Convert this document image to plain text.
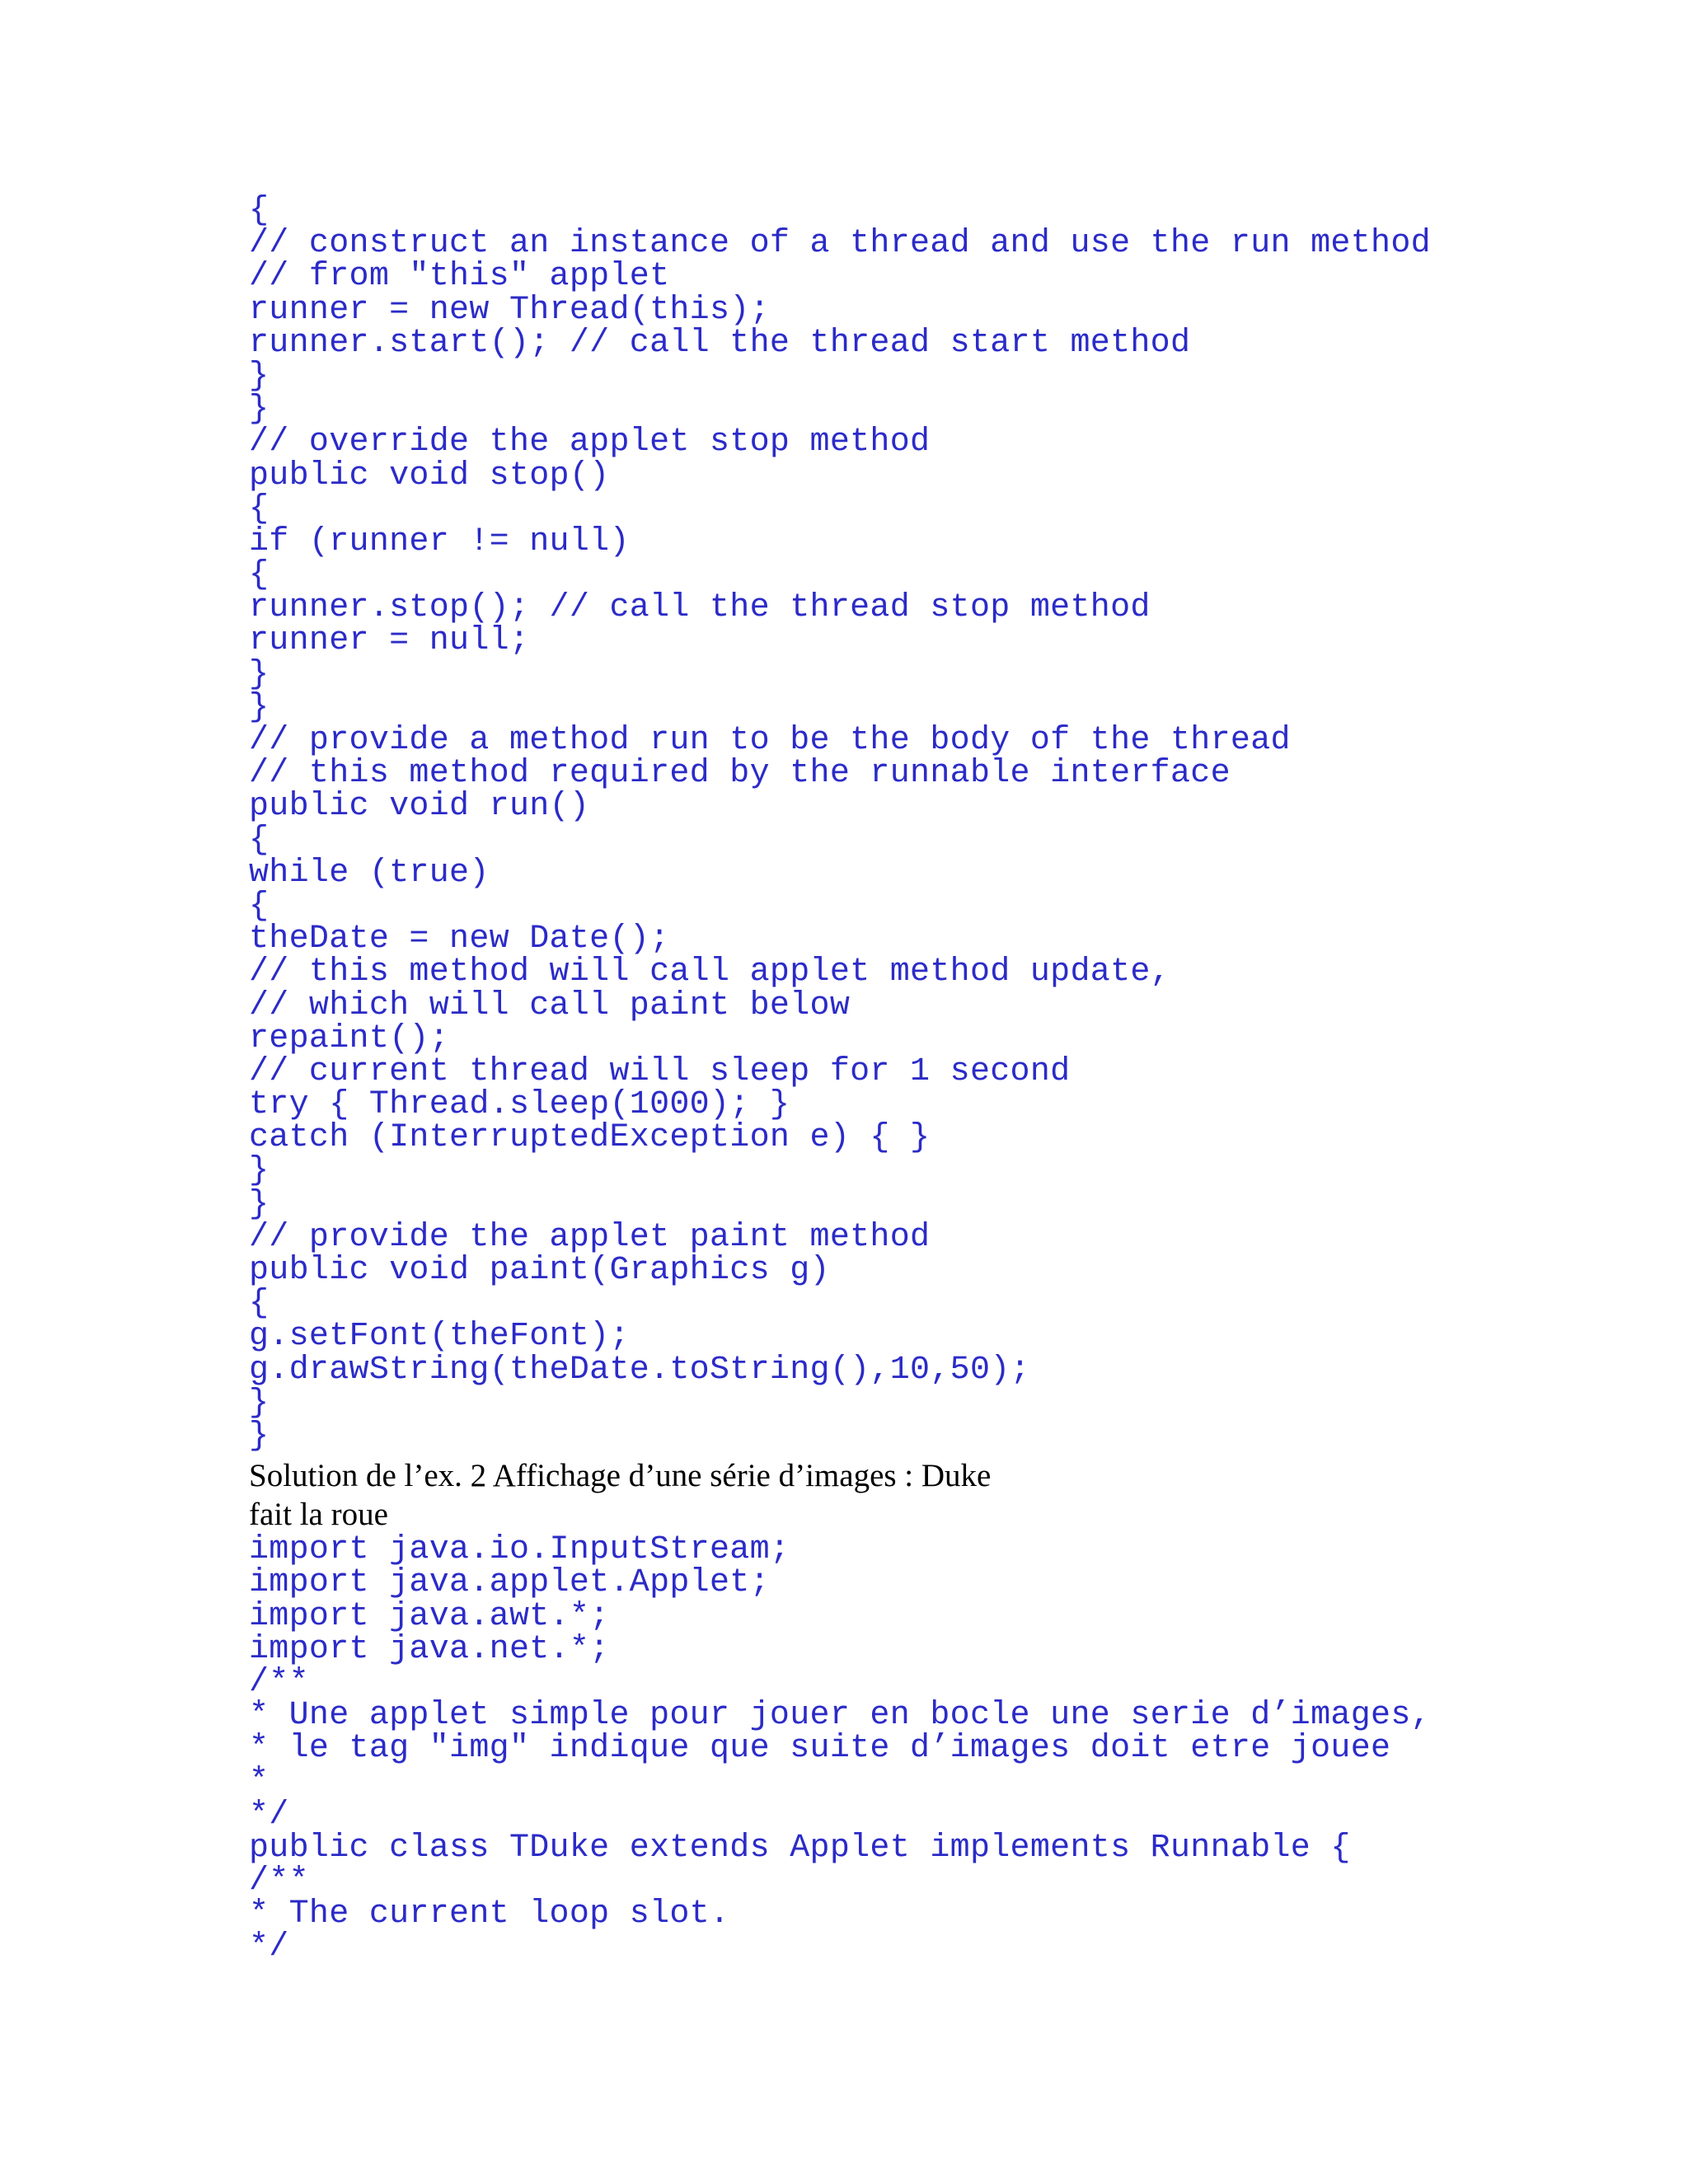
{
// construct an instance of a thread and use the run method
// from "this" applet
runner = new Thread(this);
runner.start(); // call the thread start method
}
}
// override the applet stop method
public void stop()
{
if (runner != null)
{
runner.stop(); // call the thread stop method
runner = null;
}
}
// provide a method run to be the body of the thread
// this method required by the runnable interface
public void run()
{
while (true)
{
theDate = new Date();
// this method will call applet method update,
// which will call paint below
repaint();
// current thread will sleep for 1 second
try { Thread.sleep(1000); }
catch (InterruptedException e) { }
}
}
// provide the applet paint method
public void paint(Graphics g)
{
g.setFont(theFont);
g.drawString(theDate.toString(),10,50);
}
}
Solution de l’ex. 2 Affichage d’une série d’images : Duke
fait la roue
import java.io.InputStream;
import java.applet.Applet;
import java.awt.*;
import java.net.*;
/**
* Une applet simple pour jouer en bocle une serie d’images,
* le tag "img" indique que suite d’images doit etre jouee
*
*/
public class TDuke extends Applet implements Runnable {
/**
* The current loop slot.
*/
